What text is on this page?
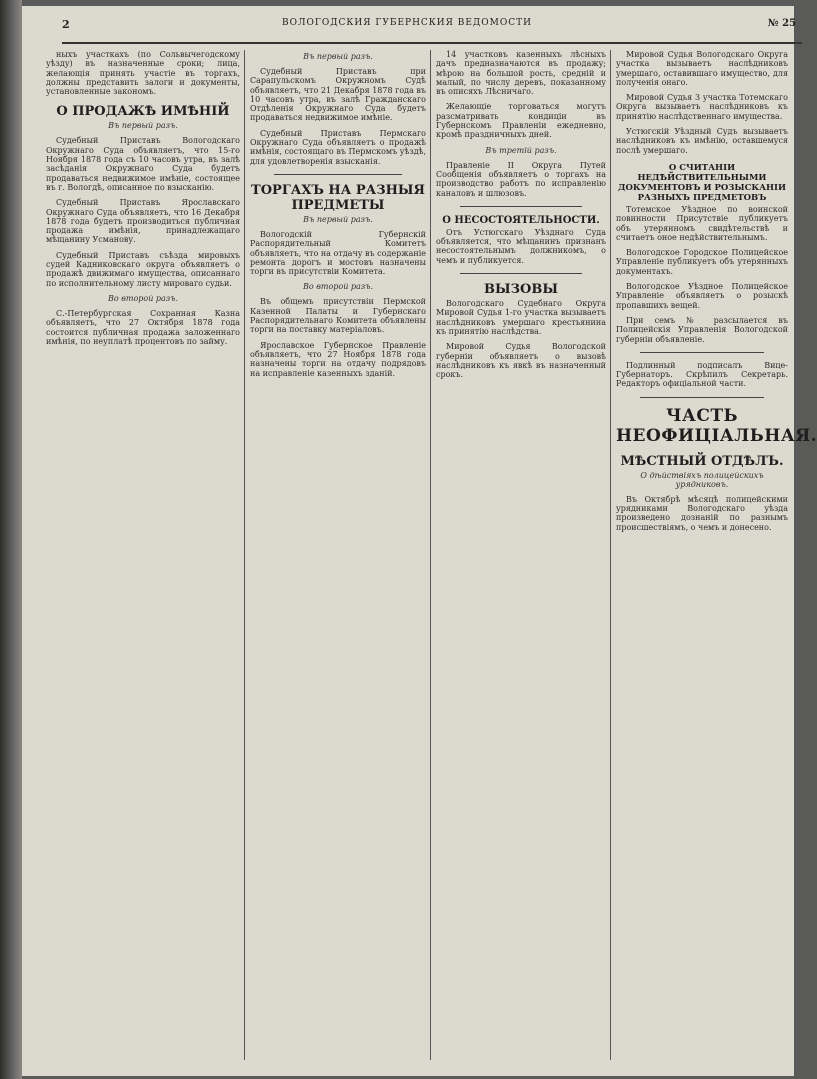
2	ВОЛОГОДСКИЯ ГУБЕРНСКИЯ ВЕДОМОСТИ	№ 25

ныхъ участкахъ (по Сольвычегодскому уѣзду) въ назначенные сроки; лица, желающія принять участіе въ торгахъ, должны представить залоги и документы, установленные закономъ.

О ПРОДАЖѢ ИМѢНІЙ
Въ первый разъ.

Судебный Приставъ Вологодскаго Окружнаго Суда объявляетъ, что 15-го Ноября 1878 года съ 10 часовъ утра, въ залѣ засѣданія Окружнаго Суда будетъ продаваться недвижимое имѣніе, состоящее въ г. Вологдѣ, описанное по взысканію.

Судебный Приставъ Ярославскаго Окружнаго Суда объявляетъ, что 16 Декабря 1878 года будетъ производиться публичная продажа имѣнія, принадлежащаго мѣщанину Усманову.

Судебный Приставъ съѣзда мировыхъ судей Кадниковскаго округа объявляетъ о продажѣ движимаго имущества, описаннаго по исполнительному листу мироваго судьи.

Во второй разъ.

С.-Петербургская Сохранная Казна объявляетъ, что 27 Октября 1878 года состоится публичная продажа заложеннаго имѣнія, по неуплатѣ процентовъ по займу.

Въ первый разъ.

Судебный Приставъ при Сарапульскомъ Окружномъ Судѣ объявляетъ, что 21 Декабря 1878 года въ 10 часовъ утра, въ залѣ Гражданскаго Отдѣленія Окружнаго Суда будетъ продаваться недвижимое имѣніе.

Судебный Приставъ Пермскаго Окружнаго Суда объявляетъ о продажѣ имѣнія, состоящаго въ Пермскомъ уѣздѣ, для удовлетворенія взысканія.

ТОРГАХЪ НА РАЗНЫЯ ПРЕДМЕТЫ
Въ первый разъ.

Вологодскій Губернскій Распорядительный Комитетъ объявляетъ, что на отдачу въ содержаніе ремонта дорогъ и мостовъ назначены торги въ присутствіи Комитета.

Во второй разъ.

Въ общемъ присутствіи Пермской Казенной Палаты и Губернскаго Распорядительнаго Комитета объявлены торги на поставку матеріаловъ.

Ярославское Губернское Правленіе объявляетъ, что 27 Ноября 1878 года назначены торги на отдачу подрядовъ на исправленіе казенныхъ зданій.

14 участковъ казенныхъ лѣсныхъ дачъ предназначаются въ продажу; мѣрою на большой рость, средній и малый, по числу деревъ, показанному въ описяхъ Лѣсничаго.

Желающіе торговаться могутъ разсматривать кондиціи въ Губернскомъ Правленіи ежедневно, кромѣ праздничныхъ дней.

Въ третій разъ.

Правленіе II Округа Путей Сообщенія объявляетъ о торгахъ на производство работъ по исправленію каналовъ и шлюзовъ.

О НЕСОСТОЯТЕЛЬНОСТИ.

Отъ Устюгскаго Уѣзднаго Суда объявляется, что мѣщанинъ признанъ несостоятельнымъ должникомъ, о чемъ и публикуется.

ВЫЗОВЫ

Вологодскаго Судебнаго Округа Мировой Судья 1-го участка вызываетъ наслѣдниковъ умершаго крестьянина къ принятію наслѣдства.

Мировой Судья Вологодской губерніи объявляетъ о вызовѣ наслѣдниковъ къ явкѣ въ назначенный срокъ.

Мировой Судья Вологодскаго Округа участка вызываетъ наслѣдниковъ умершаго, оставившаго имущество, для полученія онаго.

Мировой Судья 3 участка Тотемскаго Округа вызываетъ наслѣдниковъ къ принятію наслѣдственнаго имущества.

Устюгскій Уѣздный Судъ вызываетъ наслѣдниковъ къ имѣнію, оставшемуся послѣ умершаго.

О СЧИТАНІИ НЕДѢЙСТВИТЕЛЬНЫМИ ДОКУМЕНТОВЪ И РОЗЫСКАНІИ РАЗНЫХЪ ПРЕДМЕТОВЪ

Тотемское Уѣздное по воинской повинности Присутствіе публикуетъ объ утерянномъ свидѣтельствѣ и считаетъ оное недѣйствительнымъ.

Вологодское Городское Полицейское Управленіе публикуетъ объ утерянныхъ документахъ.

Вологодское Уѣздное Полицейское Управленіе объявляетъ о розыскѣ пропавшихъ вещей.

При семъ № разсылается въ Полицейскія Управленія Вологодской губерніи объявленіе.

Подлинный подписалъ Вице-Губернаторъ. Скрѣпилъ Секретарь. Редакторъ офиціальной части.

ЧАСТЬ НЕОФИЦІАЛЬНАЯ.
МѢСТНЫЙ ОТДѢЛЪ.
О дѣйствіяхъ полицейскихъ урядниковъ.

Въ Октябрѣ мѣсяцѣ полицейскими урядниками Вологодскаго уѣзда произведено дознаній по разнымъ происшествіямъ, о чемъ и донесено.
